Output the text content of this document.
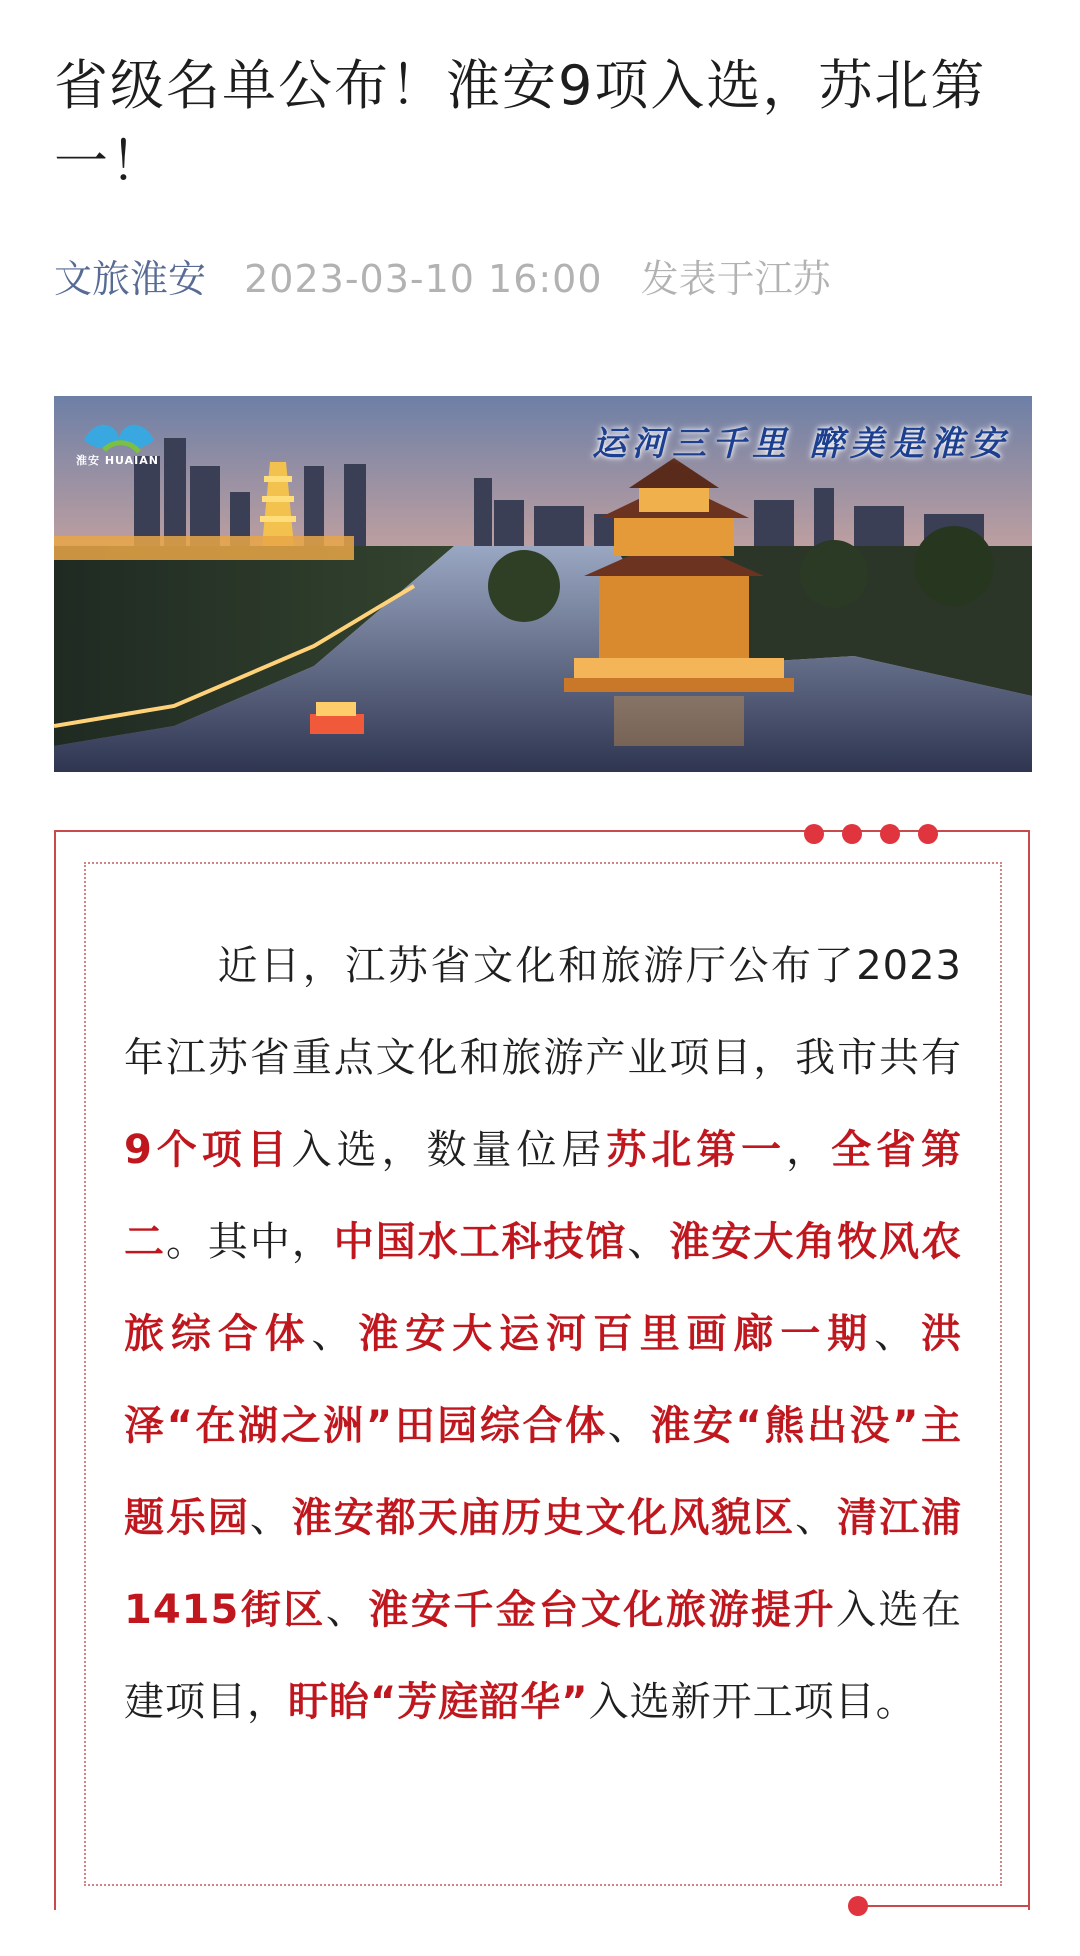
省级名单公布！淮安9项入选，苏北第一！
文旅淮安 2023-03-10 16:00 发表于江苏
淮安 HUAIAN	运河三千里 醉美是淮安

近日，江苏省文化和旅游厅公布了2023年江苏省重点文化和旅游产业项目，我市共有9个项目入选，数量位居苏北第一，全省第二。其中，中国水工科技馆、淮安大角牧风农旅综合体、淮安大运河百里画廊一期、洪泽“在湖之洲”田园综合体、淮安“熊出没”主题乐园、淮安都天庙历史文化风貌区、清江浦1415街区、淮安千金台文化旅游提升入选在建项目，盱眙“芳庭韶华”入选新开工项目。
